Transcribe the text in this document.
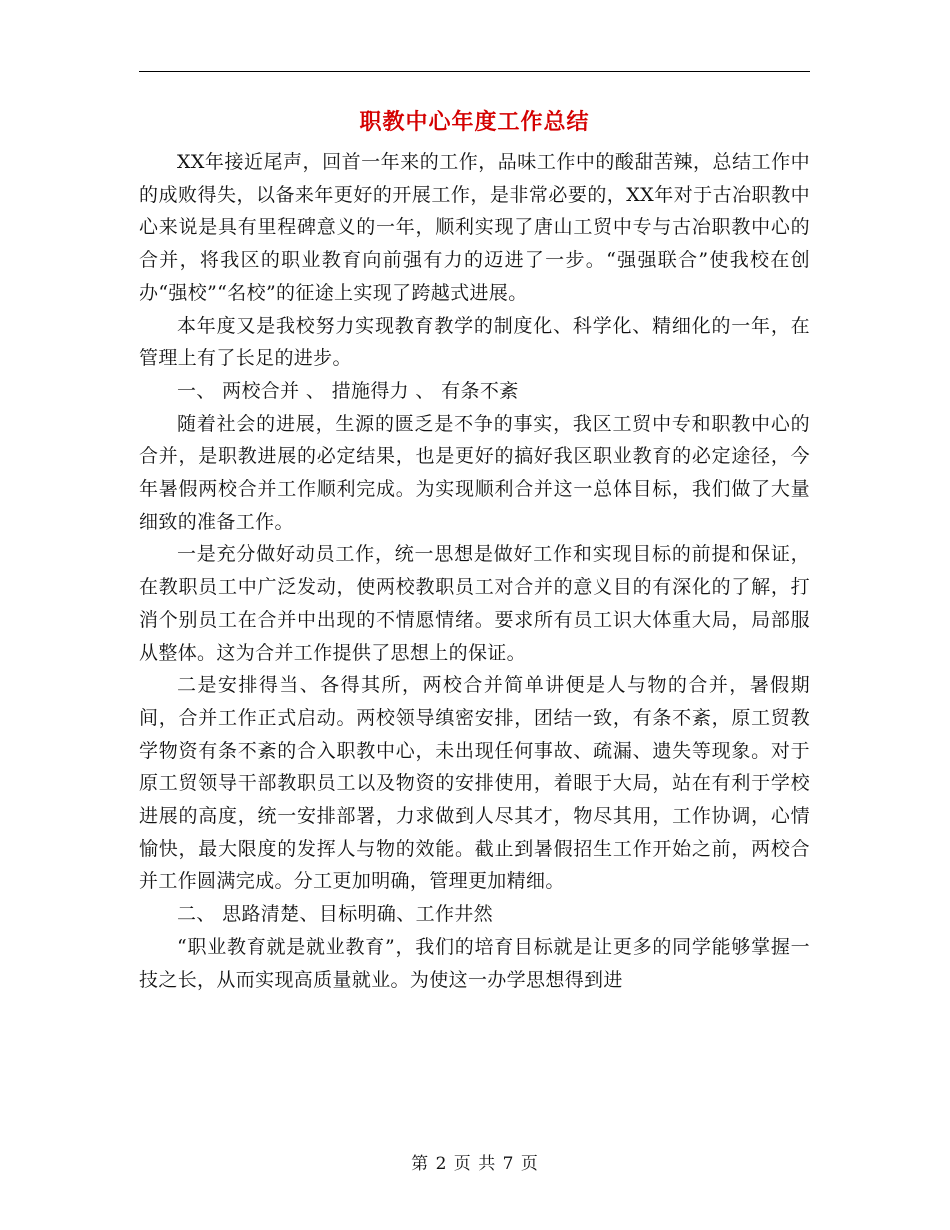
职教中心年度工作总结

XX年接近尾声，回首一年来的工作，品味工作中的酸甜苦辣，总结工作中的成败得失，以备来年更好的开展工作，是非常必要的，XX年对于古冶职教中心来说是具有里程碑意义的一年，顺利实现了唐山工贸中专与古冶职教中心的合并，将我区的职业教育向前强有力的迈进了一步。“强强联合”使我校在创办“强校”“名校”的征途上实现了跨越式进展。

本年度又是我校努力实现教育教学的制度化、科学化、精细化的一年，在管理上有了长足的进步。

一、 两校合并 、 措施得力 、 有条不紊

随着社会的进展，生源的匮乏是不争的事实，我区工贸中专和职教中心的合并，是职教进展的必定结果，也是更好的搞好我区职业教育的必定途径，今年暑假两校合并工作顺利完成。为实现顺利合并这一总体目标，我们做了大量细致的准备工作。

一是充分做好动员工作，统一思想是做好工作和实现目标的前提和保证，在教职员工中广泛发动，使两校教职员工对合并的意义目的有深化的了解，打消个别员工在合并中出现的不情愿情绪。要求所有员工识大体重大局，局部服从整体。这为合并工作提供了思想上的保证。

二是安排得当、各得其所，两校合并简单讲便是人与物的合并，暑假期间，合并工作正式启动。两校领导缜密安排，团结一致，有条不紊，原工贸教学物资有条不紊的合入职教中心，未出现任何事故、疏漏、遗失等现象。对于原工贸领导干部教职员工以及物资的安排使用，着眼于大局，站在有利于学校进展的高度，统一安排部署，力求做到人尽其才，物尽其用，工作协调，心情愉快，最大限度的发挥人与物的效能。截止到暑假招生工作开始之前，两校合并工作圆满完成。分工更加明确，管理更加精细。

二、 思路清楚、目标明确、工作井然

“职业教育就是就业教育”，我们的培育目标就是让更多的同学能够掌握一技之长，从而实现高质量就业。为使这一办学思想得到进

第 2 页 共 7 页
